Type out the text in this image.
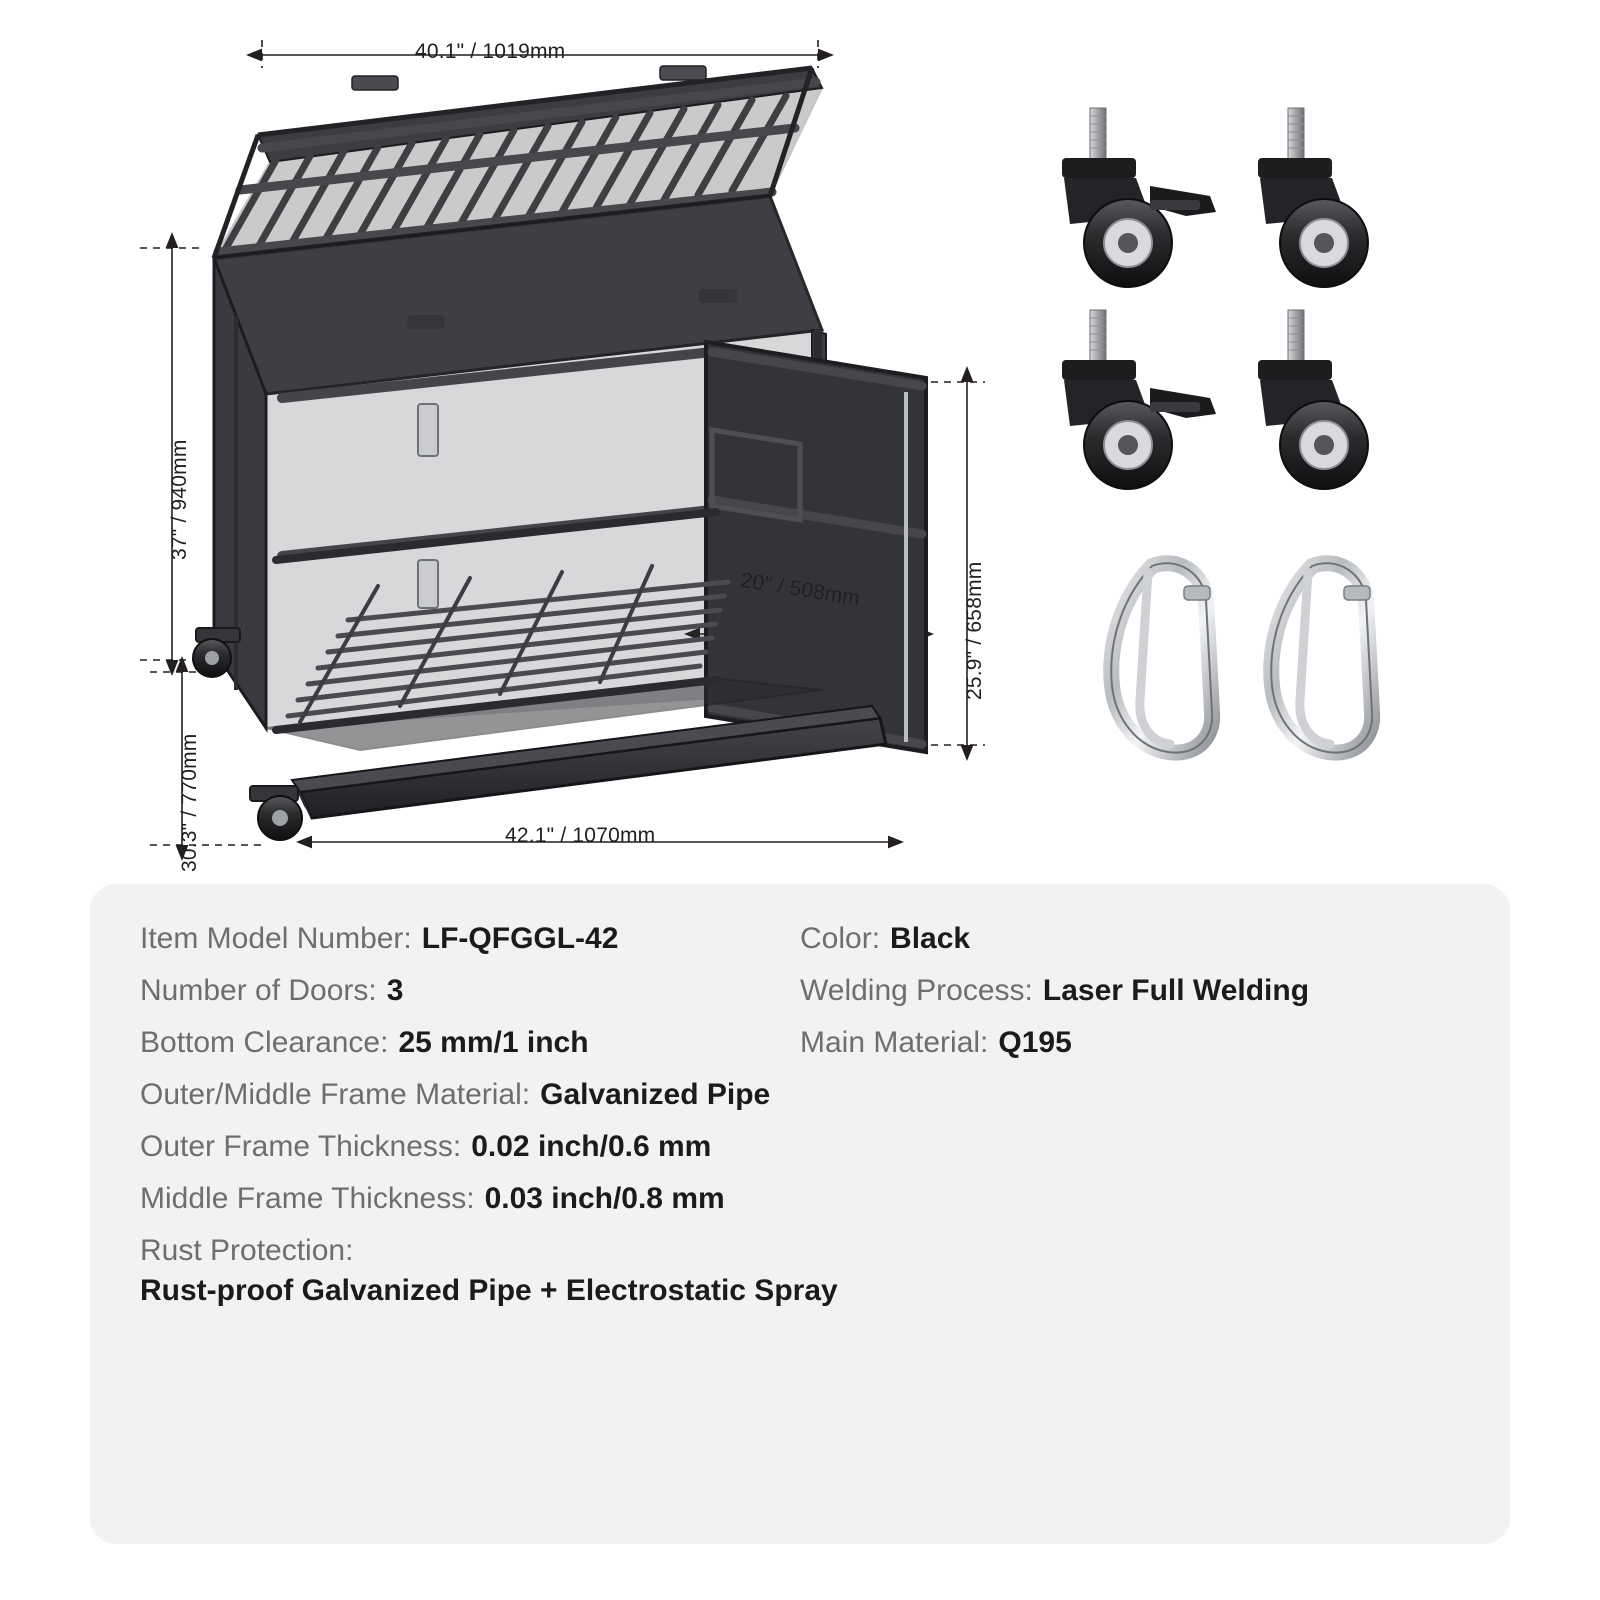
40.1" / 1019mm
37" / 940mm
30.3" / 770mm
25.9" / 658mm
20" / 508mm
42.1" / 1070mm
Item Model Number: LF-QFGGL-42	Color: Black
Number of Doors: 3	Welding Process: Laser Full Welding
Bottom Clearance: 25 mm/1 inch	Main Material: Q195
Outer/Middle Frame Material: Galvanized Pipe
Outer Frame Thickness: 0.02 inch/0.6 mm
Middle Frame Thickness: 0.03 inch/0.8 mm
Rust Protection:
Rust-proof Galvanized Pipe + Electrostatic Spray
